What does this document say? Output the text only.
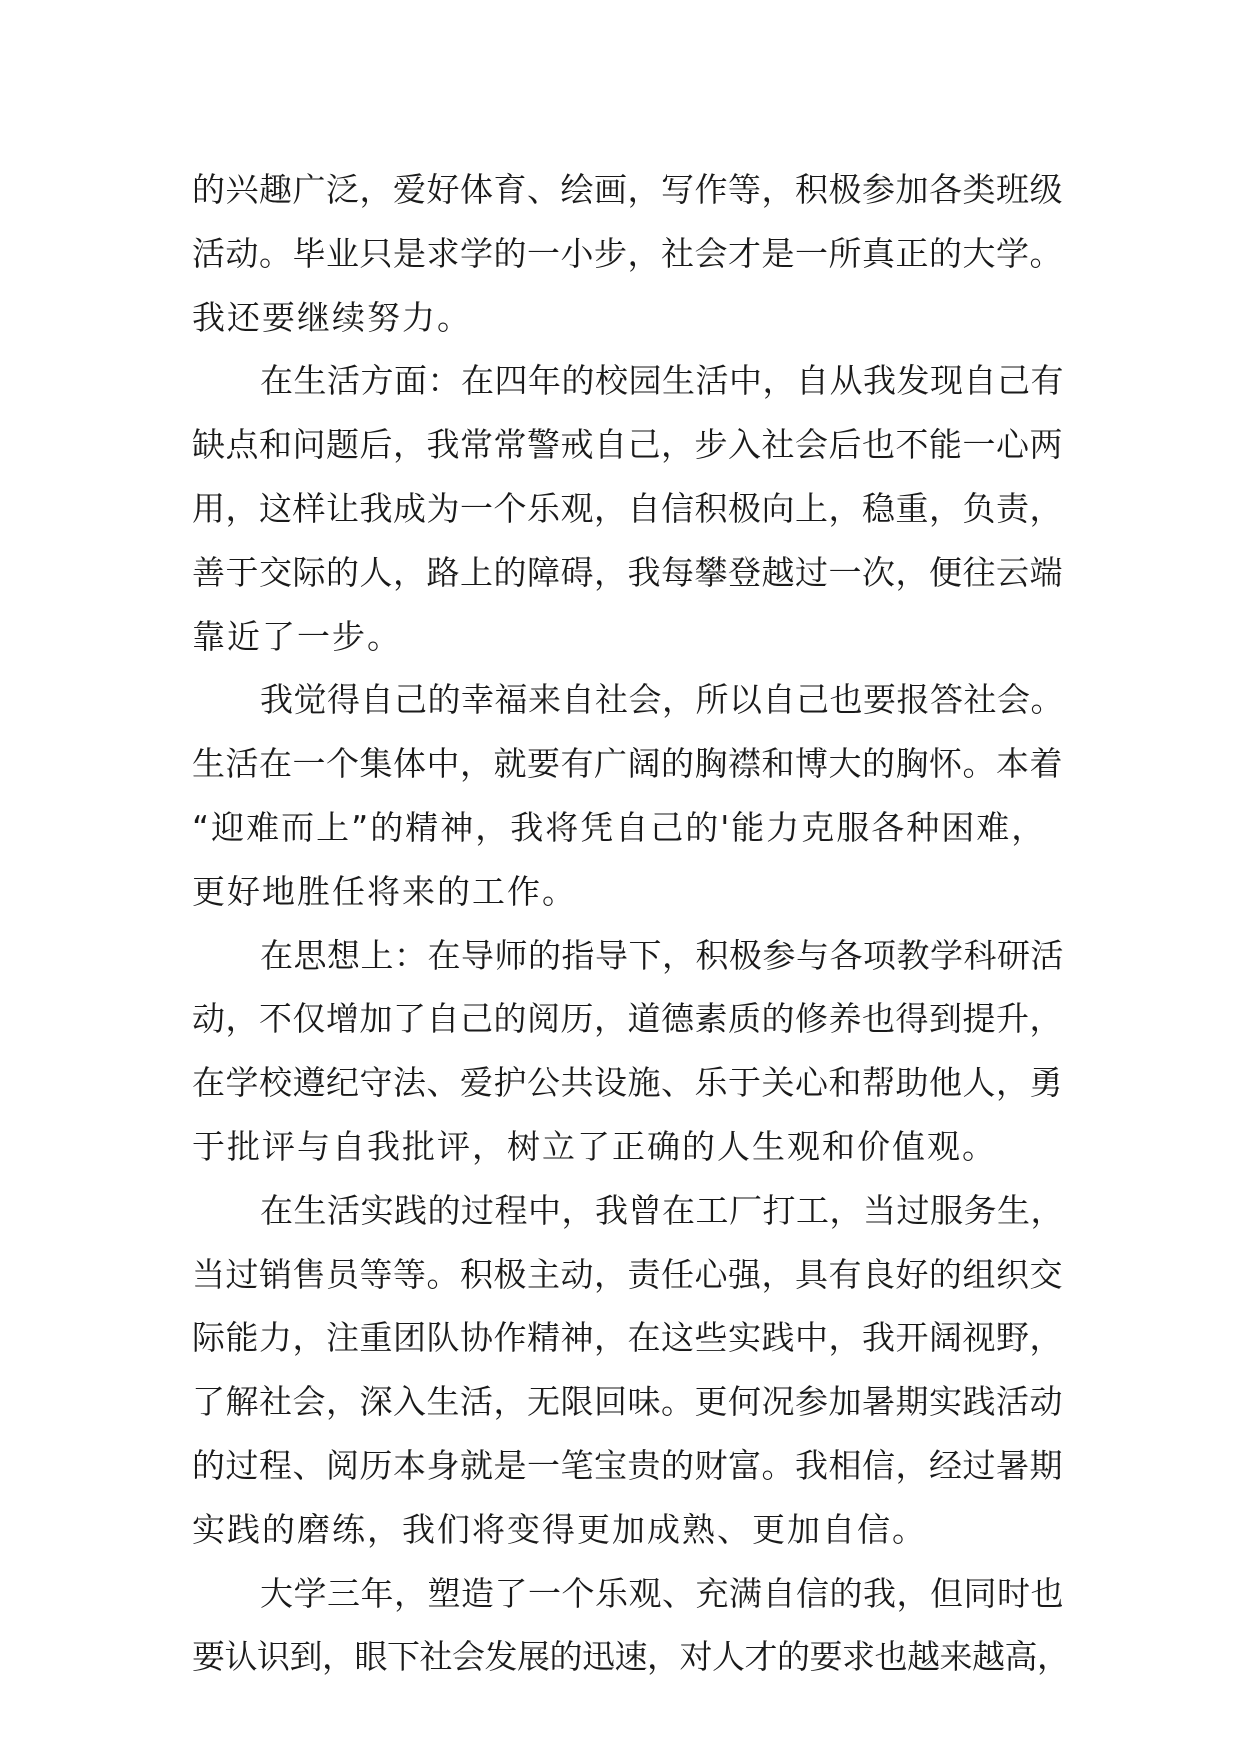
的兴趣广泛，爱好体育、绘画，写作等，积极参加各类班级
活动。毕业只是求学的一小步，社会才是一所真正的大学。
我还要继续努力。
在生活方面：在四年的校园生活中，自从我发现自己有
缺点和问题后，我常常警戒自己，步入社会后也不能一心两
用，这样让我成为一个乐观，自信积极向上，稳重，负责，
善于交际的人，路上的障碍，我每攀登越过一次，便往云端
靠近了一步。
我觉得自己的幸福来自社会，所以自己也要报答社会。
生活在一个集体中，就要有广阔的胸襟和博大的胸怀。本着
“迎难而上”的精神，我将凭自己的'能力克服各种困难，
更好地胜任将来的工作。
在思想上：在导师的指导下，积极参与各项教学科研活
动，不仅增加了自己的阅历，道德素质的修养也得到提升，
在学校遵纪守法、爱护公共设施、乐于关心和帮助他人，勇
于批评与自我批评，树立了正确的人生观和价值观。
在生活实践的过程中，我曾在工厂打工，当过服务生，
当过销售员等等。积极主动，责任心强，具有良好的组织交
际能力，注重团队协作精神，在这些实践中，我开阔视野，
了解社会，深入生活，无限回味。更何况参加暑期实践活动
的过程、阅历本身就是一笔宝贵的财富。我相信，经过暑期
实践的磨练，我们将变得更加成熟、更加自信。
大学三年，塑造了一个乐观、充满自信的我，但同时也
要认识到，眼下社会发展的迅速，对人才的要求也越来越高，
